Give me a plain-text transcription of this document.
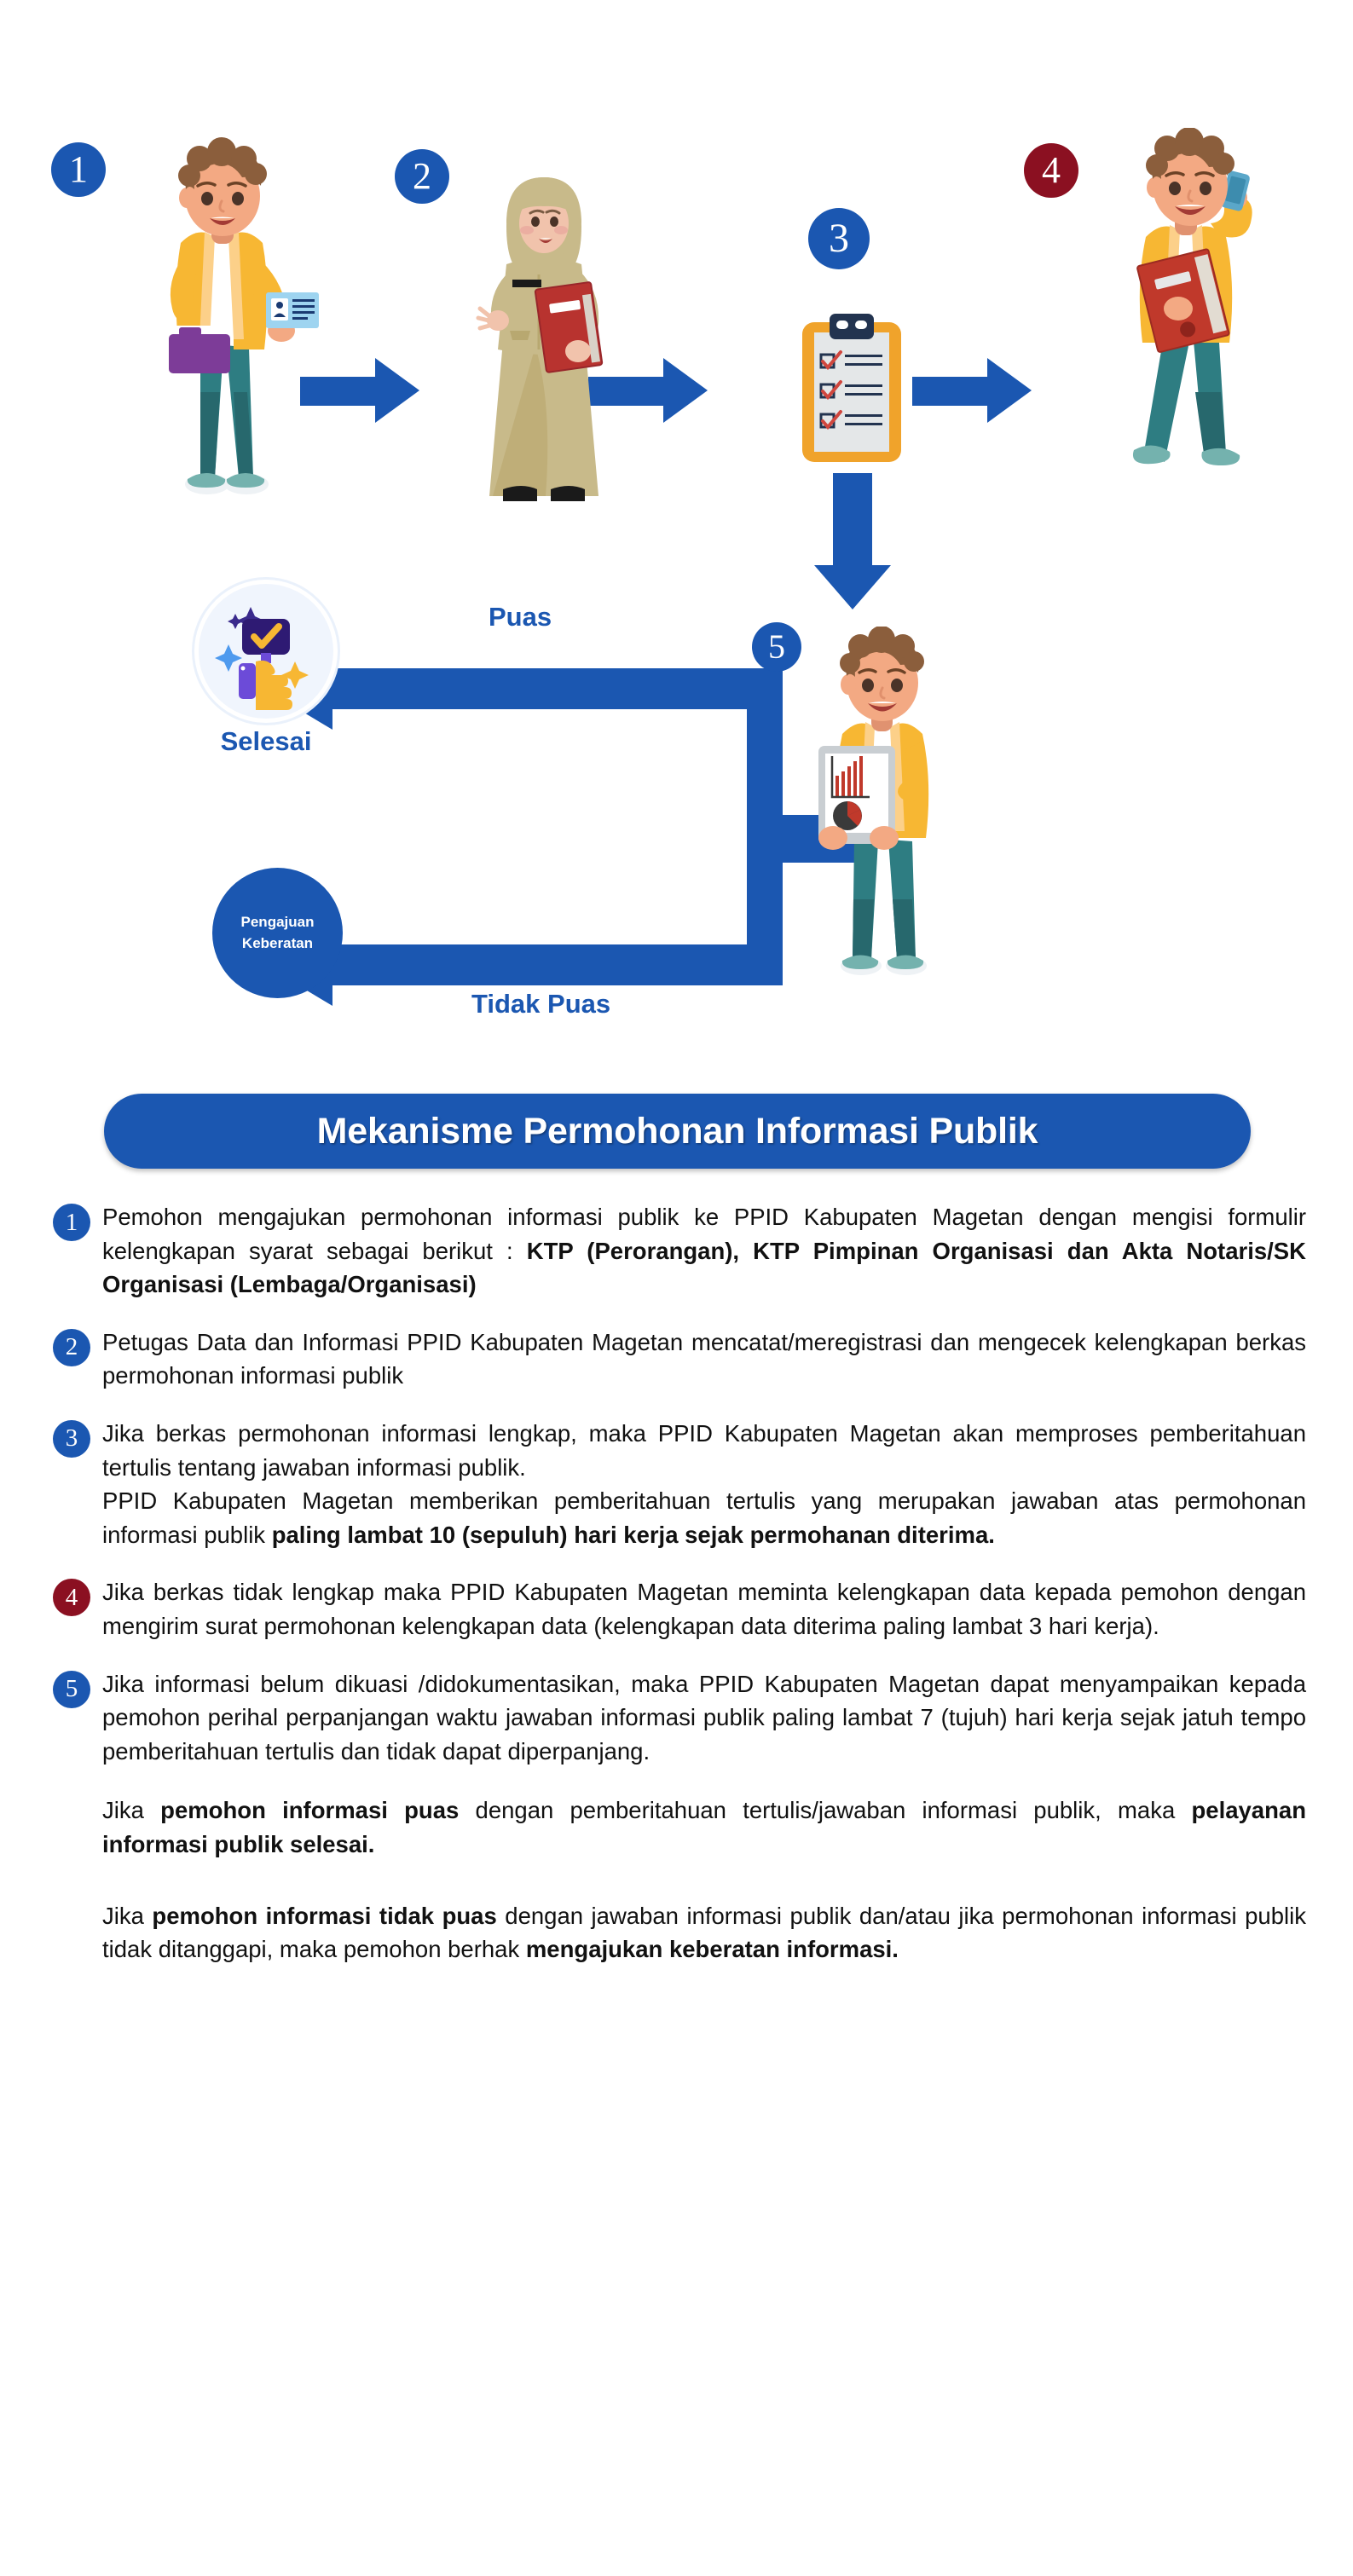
1	2
3
4
5
Puas
Tidak Puas
Selesai
Pengajuan
Keberatan
Mekanisme Permohonan Informasi Publik
1	Pemohon mengajukan permohonan informasi publik ke PPID Kabupaten Magetan dengan mengisi formulir kelengkapan syarat sebagai berikut : KTP (Perorangan), KTP Pimpinan Organisasi dan Akta Notaris/SK Organisasi (Lembaga/Organisasi)
2	Petugas Data dan Informasi PPID Kabupaten Magetan mencatat/meregistrasi dan mengecek kelengkapan berkas permohonan informasi publik
3	Jika berkas permohonan informasi lengkap, maka PPID Kabupaten Magetan akan memproses pemberitahuan tertulis tentang jawaban informasi publik.
PPID Kabupaten Magetan memberikan pemberitahuan tertulis yang merupakan jawaban atas permohonan informasi publik paling lambat 10 (sepuluh) hari kerja sejak permohanan diterima.
4	Jika berkas tidak lengkap maka PPID Kabupaten Magetan meminta kelengkapan data kepada pemohon dengan mengirim surat permohonan kelengkapan data (kelengkapan data diterima paling lambat 3 hari kerja).
5	Jika informasi belum dikuasi /didokumentasikan, maka PPID Kabupaten Magetan dapat menyampaikan kepada pemohon perihal perpanjangan waktu jawaban informasi publik paling lambat 7 (tujuh) hari kerja sejak jatuh tempo pemberitahuan tertulis dan tidak dapat diperpanjang.
Jika pemohon informasi puas dengan pemberitahuan tertulis/jawaban informasi publik, maka pelayanan informasi publik selesai.
Jika pemohon informasi tidak puas dengan jawaban informasi publik dan/atau jika permohonan informasi publik tidak ditanggapi, maka pemohon berhak mengajukan keberatan informasi.
